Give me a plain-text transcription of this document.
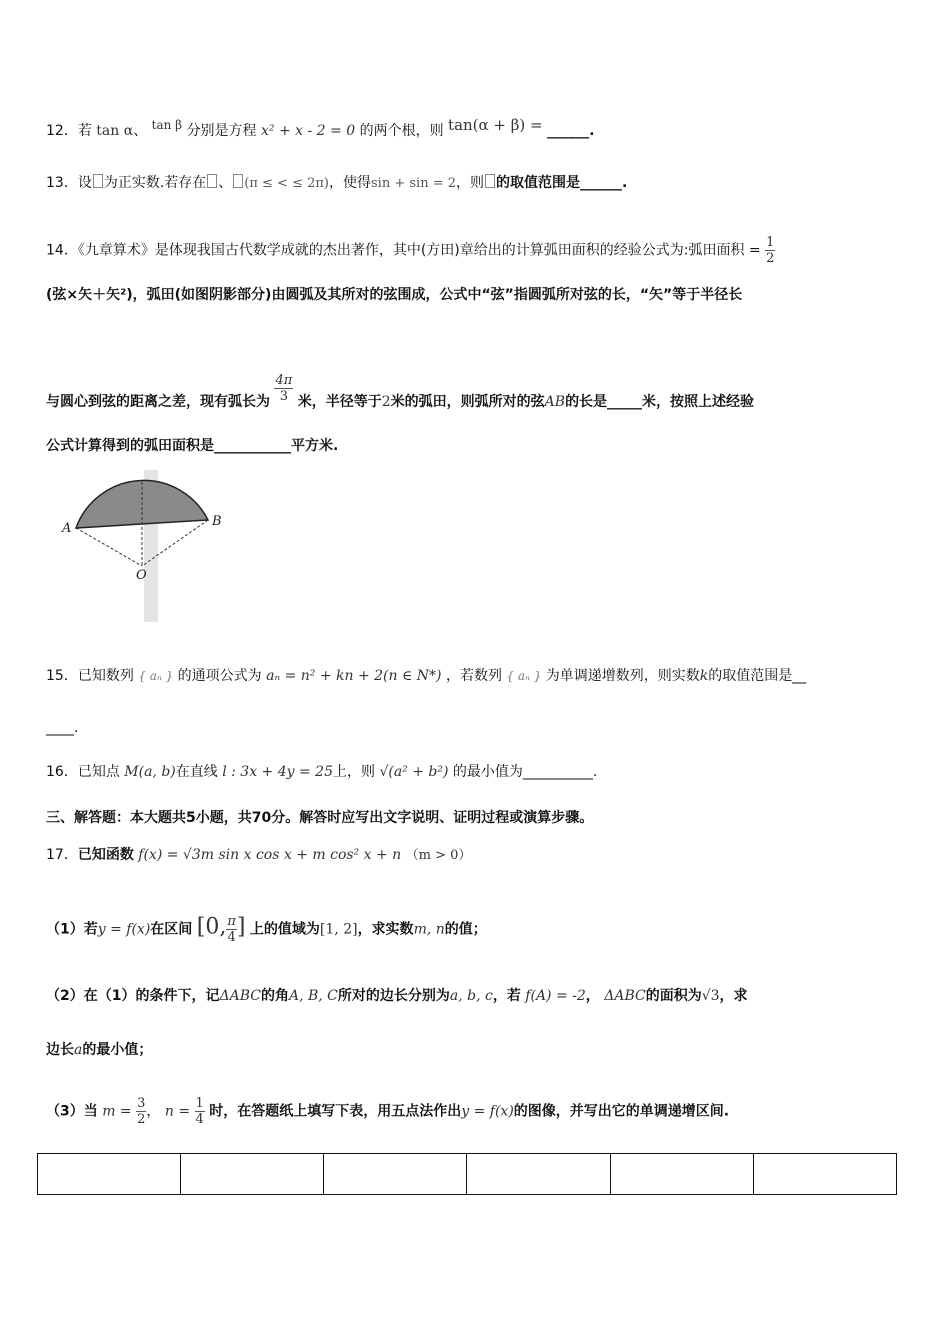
12．若 tan α、 tan β 分别是方程 x² + x - 2 = 0 的两个根，则 tan(α + β) = ______.
13．设 为正实数.若存在 、 (π ≤ < ≤ 2π)，使得sin + sin = 2，则 的取值范围是______.
14．《九章算术》是体现我国古代数学成就的杰出著作，其中(方田)章给出的计算弧田面积的经验公式为:弧田面积 = $\frac{1}{2}$
(弦×矢＋矢²)，弧田(如图阴影部分)由圆弧及其所对的弦围成，公式中“弦”指圆弧所对弦的长，“矢”等于半径长
与圆心到弦的距离之差，现有弧长为 $\frac{4\pi}{3}$ 米，半径等于2米的弧田，则弧所对的弦AB的长是_____米，按照上述经验
公式计算得到的弧田面积是___________平方米.
A	B
O
15．已知数列 { aₙ } 的通项公式为 aₙ = n² + kn + 2(n ∈ N*) ，若数列 { aₙ } 为单调递增数列，则实数k的取值范围是__
____.
16．已知点 M(a, b)在直线 l : 3x + 4y = 25上，则 √(a² + b²) 的最小值为__________.
三、解答题：本大题共5小题，共70分。解答时应写出文字说明、证明过程或演算步骤。
17．已知函数 f(x) = √3m sin x cos x + m cos² x + n （m > 0）
（1）若y = f(x)在区间 [0, $\frac{\pi}{4}$ ] 上的值域为[1, 2]，求实数m, n的值；
（2）在（1）的条件下，记ΔABC的角A, B, C所对的边长分别为a, b, c，若 f(A) = -2， ΔABC的面积为√3，求
边长a的最小值；
（3）当 $m = \frac{3}{2}$ ， $n = \frac{1}{4}$ 时，在答题纸上填写下表，用五点法作出y = f(x)的图像，并写出它的单调递增区间.
